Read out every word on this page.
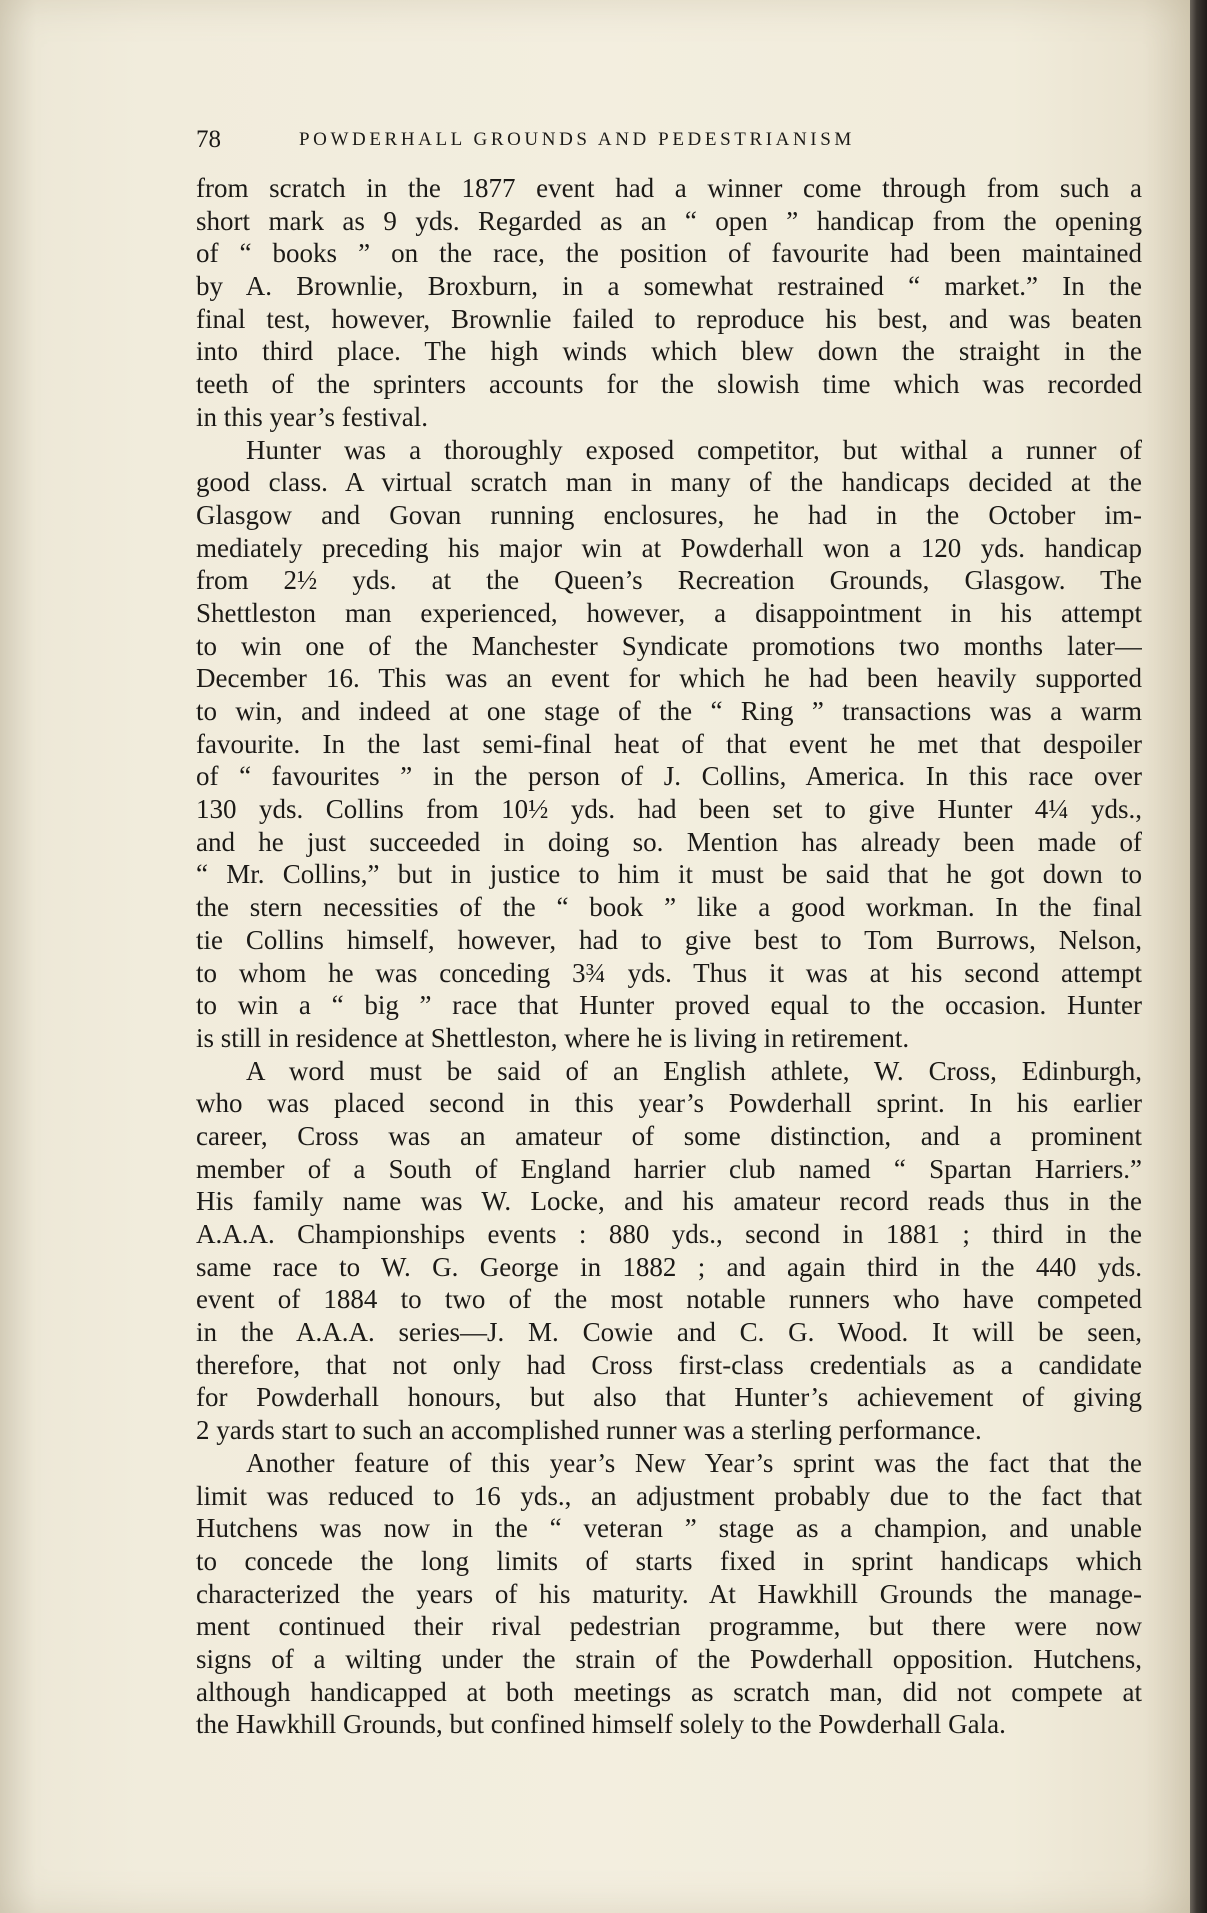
78	POWDERHALL GROUNDS AND PEDESTRIANISM
from scratch in the 1877 event had a winner come through from such a
short mark as 9 yds. Regarded as an “ open ” handicap from the opening
of “ books ” on the race, the position of favourite had been maintained
by A. Brownlie, Broxburn, in a somewhat restrained “ market.” In the
final test, however, Brownlie failed to reproduce his best, and was beaten
into third place. The high winds which blew down the straight in the
teeth of the sprinters accounts for the slowish time which was recorded
in this year’s festival.
Hunter was a thoroughly exposed competitor, but withal a runner of
good class. A virtual scratch man in many of the handicaps decided at the
Glasgow and Govan running enclosures, he had in the October im-
mediately preceding his major win at Powderhall won a 120 yds. handicap
from 2½ yds. at the Queen’s Recreation Grounds, Glasgow. The
Shettleston man experienced, however, a disappointment in his attempt
to win one of the Manchester Syndicate promotions two months later—
December 16. This was an event for which he had been heavily supported
to win, and indeed at one stage of the “ Ring ” transactions was a warm
favourite. In the last semi-final heat of that event he met that despoiler
of “ favourites ” in the person of J. Collins, America. In this race over
130 yds. Collins from 10½ yds. had been set to give Hunter 4¼ yds.,
and he just succeeded in doing so. Mention has already been made of
“ Mr. Collins,” but in justice to him it must be said that he got down to
the stern necessities of the “ book ” like a good workman. In the final
tie Collins himself, however, had to give best to Tom Burrows, Nelson,
to whom he was conceding 3¾ yds. Thus it was at his second attempt
to win a “ big ” race that Hunter proved equal to the occasion. Hunter
is still in residence at Shettleston, where he is living in retirement.
A word must be said of an English athlete, W. Cross, Edinburgh,
who was placed second in this year’s Powderhall sprint. In his earlier
career, Cross was an amateur of some distinction, and a prominent
member of a South of England harrier club named “ Spartan Harriers.”
His family name was W. Locke, and his amateur record reads thus in the
A.A.A. Championships events : 880 yds., second in 1881 ; third in the
same race to W. G. George in 1882 ; and again third in the 440 yds.
event of 1884 to two of the most notable runners who have competed
in the A.A.A. series—J. M. Cowie and C. G. Wood. It will be seen,
therefore, that not only had Cross first-class credentials as a candidate
for Powderhall honours, but also that Hunter’s achievement of giving
2 yards start to such an accomplished runner was a sterling performance.
Another feature of this year’s New Year’s sprint was the fact that the
limit was reduced to 16 yds., an adjustment probably due to the fact that
Hutchens was now in the “ veteran ” stage as a champion, and unable
to concede the long limits of starts fixed in sprint handicaps which
characterized the years of his maturity. At Hawkhill Grounds the manage-
ment continued their rival pedestrian programme, but there were now
signs of a wilting under the strain of the Powderhall opposition. Hutchens,
although handicapped at both meetings as scratch man, did not compete at
the Hawkhill Grounds, but confined himself solely to the Powderhall Gala.
